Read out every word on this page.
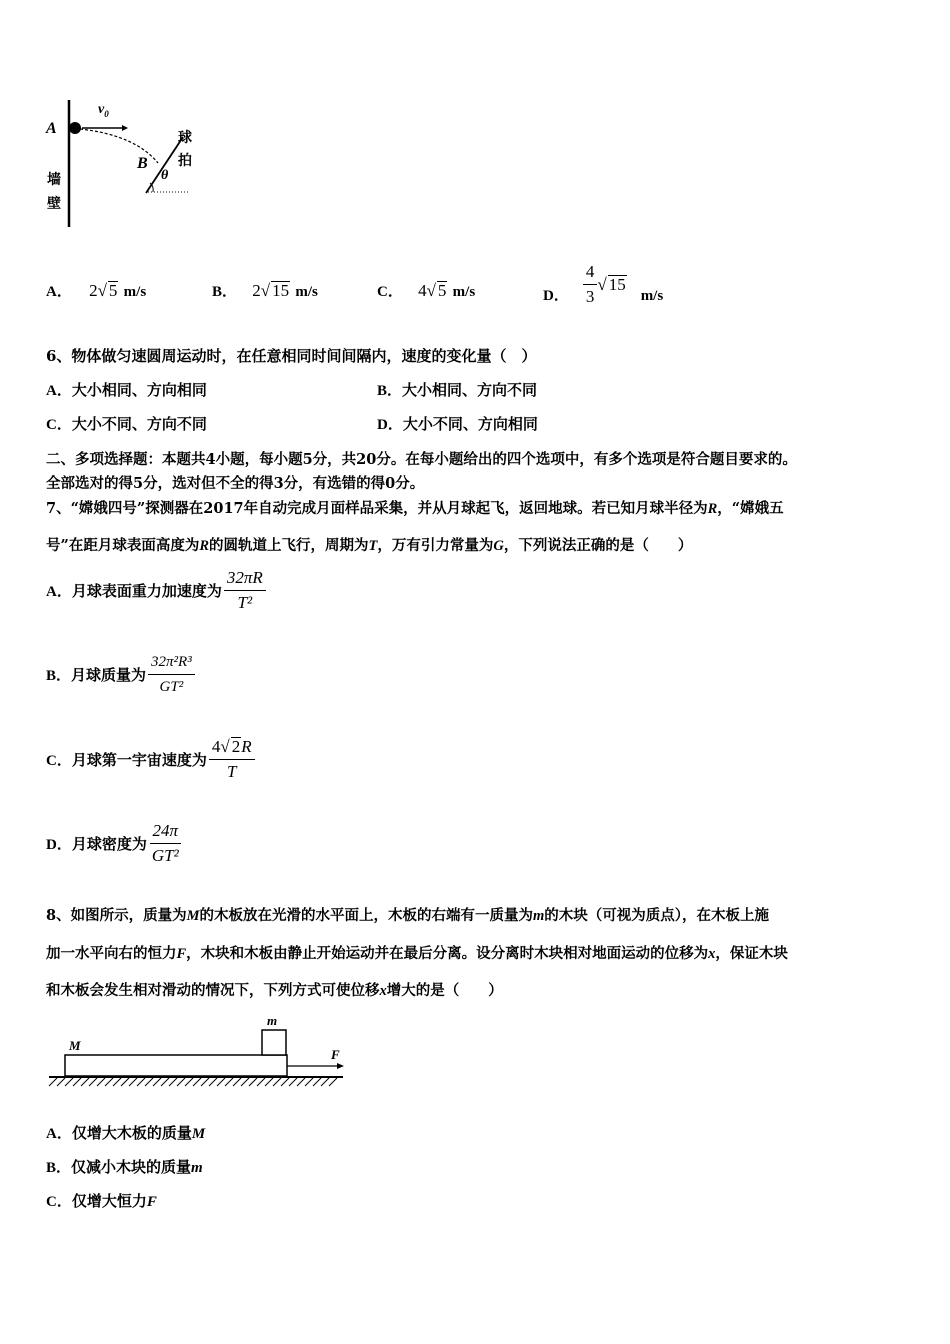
A
$v_0$
B
θ
球
拍
墙
壁
A． 2√ 5 m/s	B． 2√ 15 m/s	C． 4√ 5 m/s	D． $\frac{4}{3}$ √ 15
m/s
6、物体做匀速圆周运动时，在任意相同时间间隔内，速度的变化量（　）
A．大小相同、方向相同	B．大小相同、方向不同
C．大小不同、方向不同	D．大小不同、方向相同
二、多项选择题：本题共4小题，每小题5分，共20分。在每小题给出的四个选项中，有多个选项是符合题目要求的。
全部选对的得5分，选对但不全的得3分，有选错的得0分。
7、“嫦娥四号”探测器在2017年自动完成月面样品采集，并从月球起飞，返回地球。若已知月球半径为R，“嫦娥五
号”在距月球表面高度为R的圆轨道上飞行，周期为T，万有引力常量为G，下列说法正确的是（　　）
A． 月球表面重力加速度为 $\frac{32\pi R}{\text{T²}}$
B． 月球质量为 $\frac{\text{32π²R³}}{\text{GT²}}$
C． 月球第一宇宙速度为 $\frac{4√ 2R}{T}$
D． 月球密度为 $\frac{24\pi}{\text{GT²}}$
8、如图所示，质量为M的木板放在光滑的水平面上，木板的右端有一质量为m的木块（可视为质点），在木板上施
加一水平向右的恒力F，木块和木板由静止开始运动并在最后分离。设分离时木块相对地面运动的位移为x，保证木块
和木板会发生相对滑动的情况下，下列方式可使位移x增大的是（　　）
M
m
F
A．仅增大木板的质量M
B．仅减小木块的质量m
C．仅增大恒力F
